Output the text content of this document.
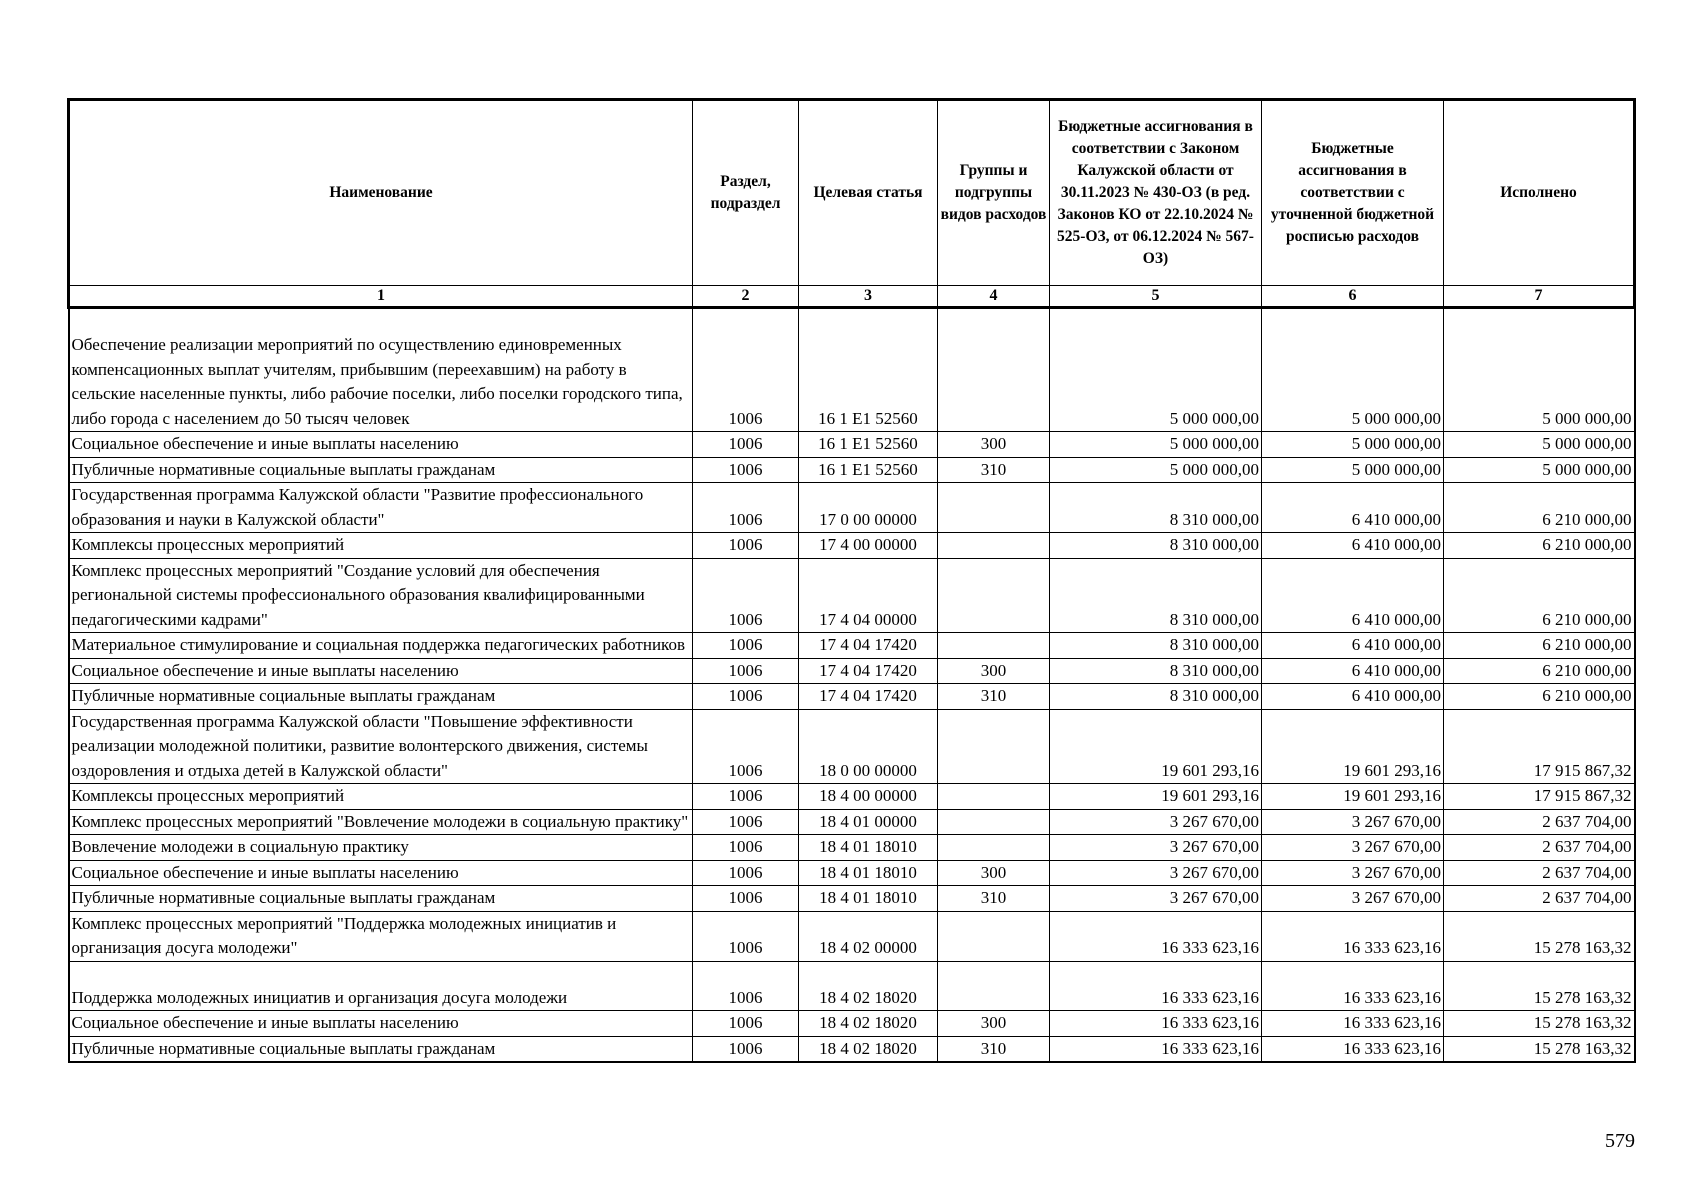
Наименование	Раздел, подраздел	Целевая статья	Группы и подгруппы видов расходов	Бюджетные ассигнования в соответствии с Законом Калужской области от 30.11.2023 № 430-ОЗ (в ред. Законов КО от 22.10.2024 № 525-ОЗ, от 06.12.2024 № 567-ОЗ)	Бюджетные ассигнования в соответствии с уточненной бюджетной росписью расходов	Исполнено
1	2	3	4	5	6	7
Обеспечение реализации мероприятий по осуществлению единовременных компенсационных выплат учителям, прибывшим (переехавшим) на работу в сельские населенные пункты, либо рабочие поселки, либо поселки городского типа, либо города с населением до 50 тысяч человек	1006	16 1 E1 52560		5 000 000,00	5 000 000,00	5 000 000,00
Социальное обеспечение и иные выплаты населению	1006	16 1 E1 52560	300	5 000 000,00	5 000 000,00	5 000 000,00
Публичные нормативные социальные выплаты гражданам	1006	16 1 E1 52560	310	5 000 000,00	5 000 000,00	5 000 000,00
Государственная программа Калужской области "Развитие профессионального образования и науки в Калужской области"	1006	17 0 00 00000		8 310 000,00	6 410 000,00	6 210 000,00
Комплексы процессных мероприятий	1006	17 4 00 00000		8 310 000,00	6 410 000,00	6 210 000,00
Комплекс процессных мероприятий "Создание условий для обеспечения региональной системы профессионального образования квалифицированными педагогическими кадрами"	1006	17 4 04 00000		8 310 000,00	6 410 000,00	6 210 000,00
Материальное стимулирование и социальная поддержка педагогических работников	1006	17 4 04 17420		8 310 000,00	6 410 000,00	6 210 000,00
Социальное обеспечение и иные выплаты населению	1006	17 4 04 17420	300	8 310 000,00	6 410 000,00	6 210 000,00
Публичные нормативные социальные выплаты гражданам	1006	17 4 04 17420	310	8 310 000,00	6 410 000,00	6 210 000,00
Государственная программа Калужской области "Повышение эффективности реализации молодежной политики, развитие волонтерского движения, системы оздоровления и отдыха детей в Калужской области"	1006	18 0 00 00000		19 601 293,16	19 601 293,16	17 915 867,32
Комплексы процессных мероприятий	1006	18 4 00 00000		19 601 293,16	19 601 293,16	17 915 867,32
Комплекс процессных мероприятий "Вовлечение молодежи в социальную практику"	1006	18 4 01 00000		3 267 670,00	3 267 670,00	2 637 704,00
Вовлечение молодежи в социальную практику	1006	18 4 01 18010		3 267 670,00	3 267 670,00	2 637 704,00
Социальное обеспечение и иные выплаты населению	1006	18 4 01 18010	300	3 267 670,00	3 267 670,00	2 637 704,00
Публичные нормативные социальные выплаты гражданам	1006	18 4 01 18010	310	3 267 670,00	3 267 670,00	2 637 704,00
Комплекс процессных мероприятий "Поддержка молодежных инициатив и организация досуга молодежи"	1006	18 4 02 00000		16 333 623,16	16 333 623,16	15 278 163,32
Поддержка молодежных инициатив и организация досуга молодежи	1006	18 4 02 18020		16 333 623,16	16 333 623,16	15 278 163,32
Социальное обеспечение и иные выплаты населению	1006	18 4 02 18020	300	16 333 623,16	16 333 623,16	15 278 163,32
Публичные нормативные социальные выплаты гражданам	1006	18 4 02 18020	310	16 333 623,16	16 333 623,16	15 278 163,32
579
